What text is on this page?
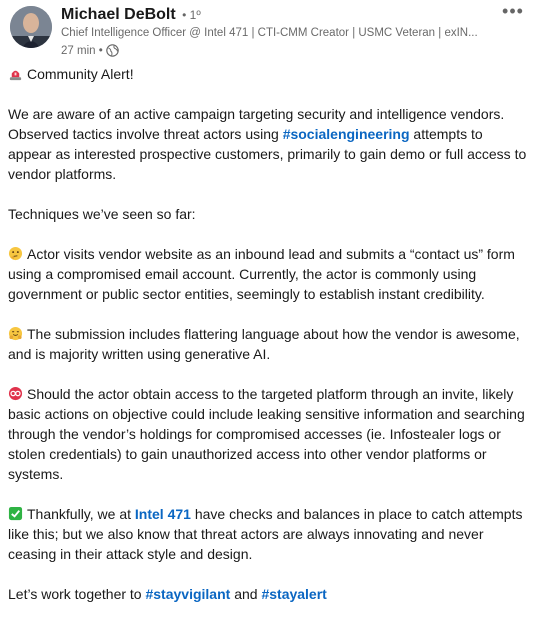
Michael DeBolt • 1º
Chief Intelligence Officer @ Intel 471 | CTI-CMM Creator | USMC Veteran | exIN...
27 min •
•••

Community Alert!

We are aware of an active campaign targeting security and intelligence vendors. Observed tactics involve threat actors using #socialengineering attempts to appear as interested prospective customers, primarily to gain demo or full access to vendor platforms.

Techniques we’ve seen so far:

Actor visits vendor website as an inbound lead and submits a “contact us” form using a compromised email account. Currently, the actor is commonly using government or public sector entities, seemingly to establish instant credibility.

The submission includes flattering language about how the vendor is awesome, and is majority written using generative AI.

Should the actor obtain access to the targeted platform through an invite, likely basic actions on objective could include leaking sensitive information and searching through the vendor’s holdings for compromised accesses (ie. Infostealer logs or stolen credentials) to gain unauthorized access into other vendor platforms or systems.

Thankfully, we at Intel 471 have checks and balances in place to catch attempts like this; but we also know that threat actors are always innovating and never ceasing in their attack style and design.

Let’s work together to #stayvigilant and #stayalert
